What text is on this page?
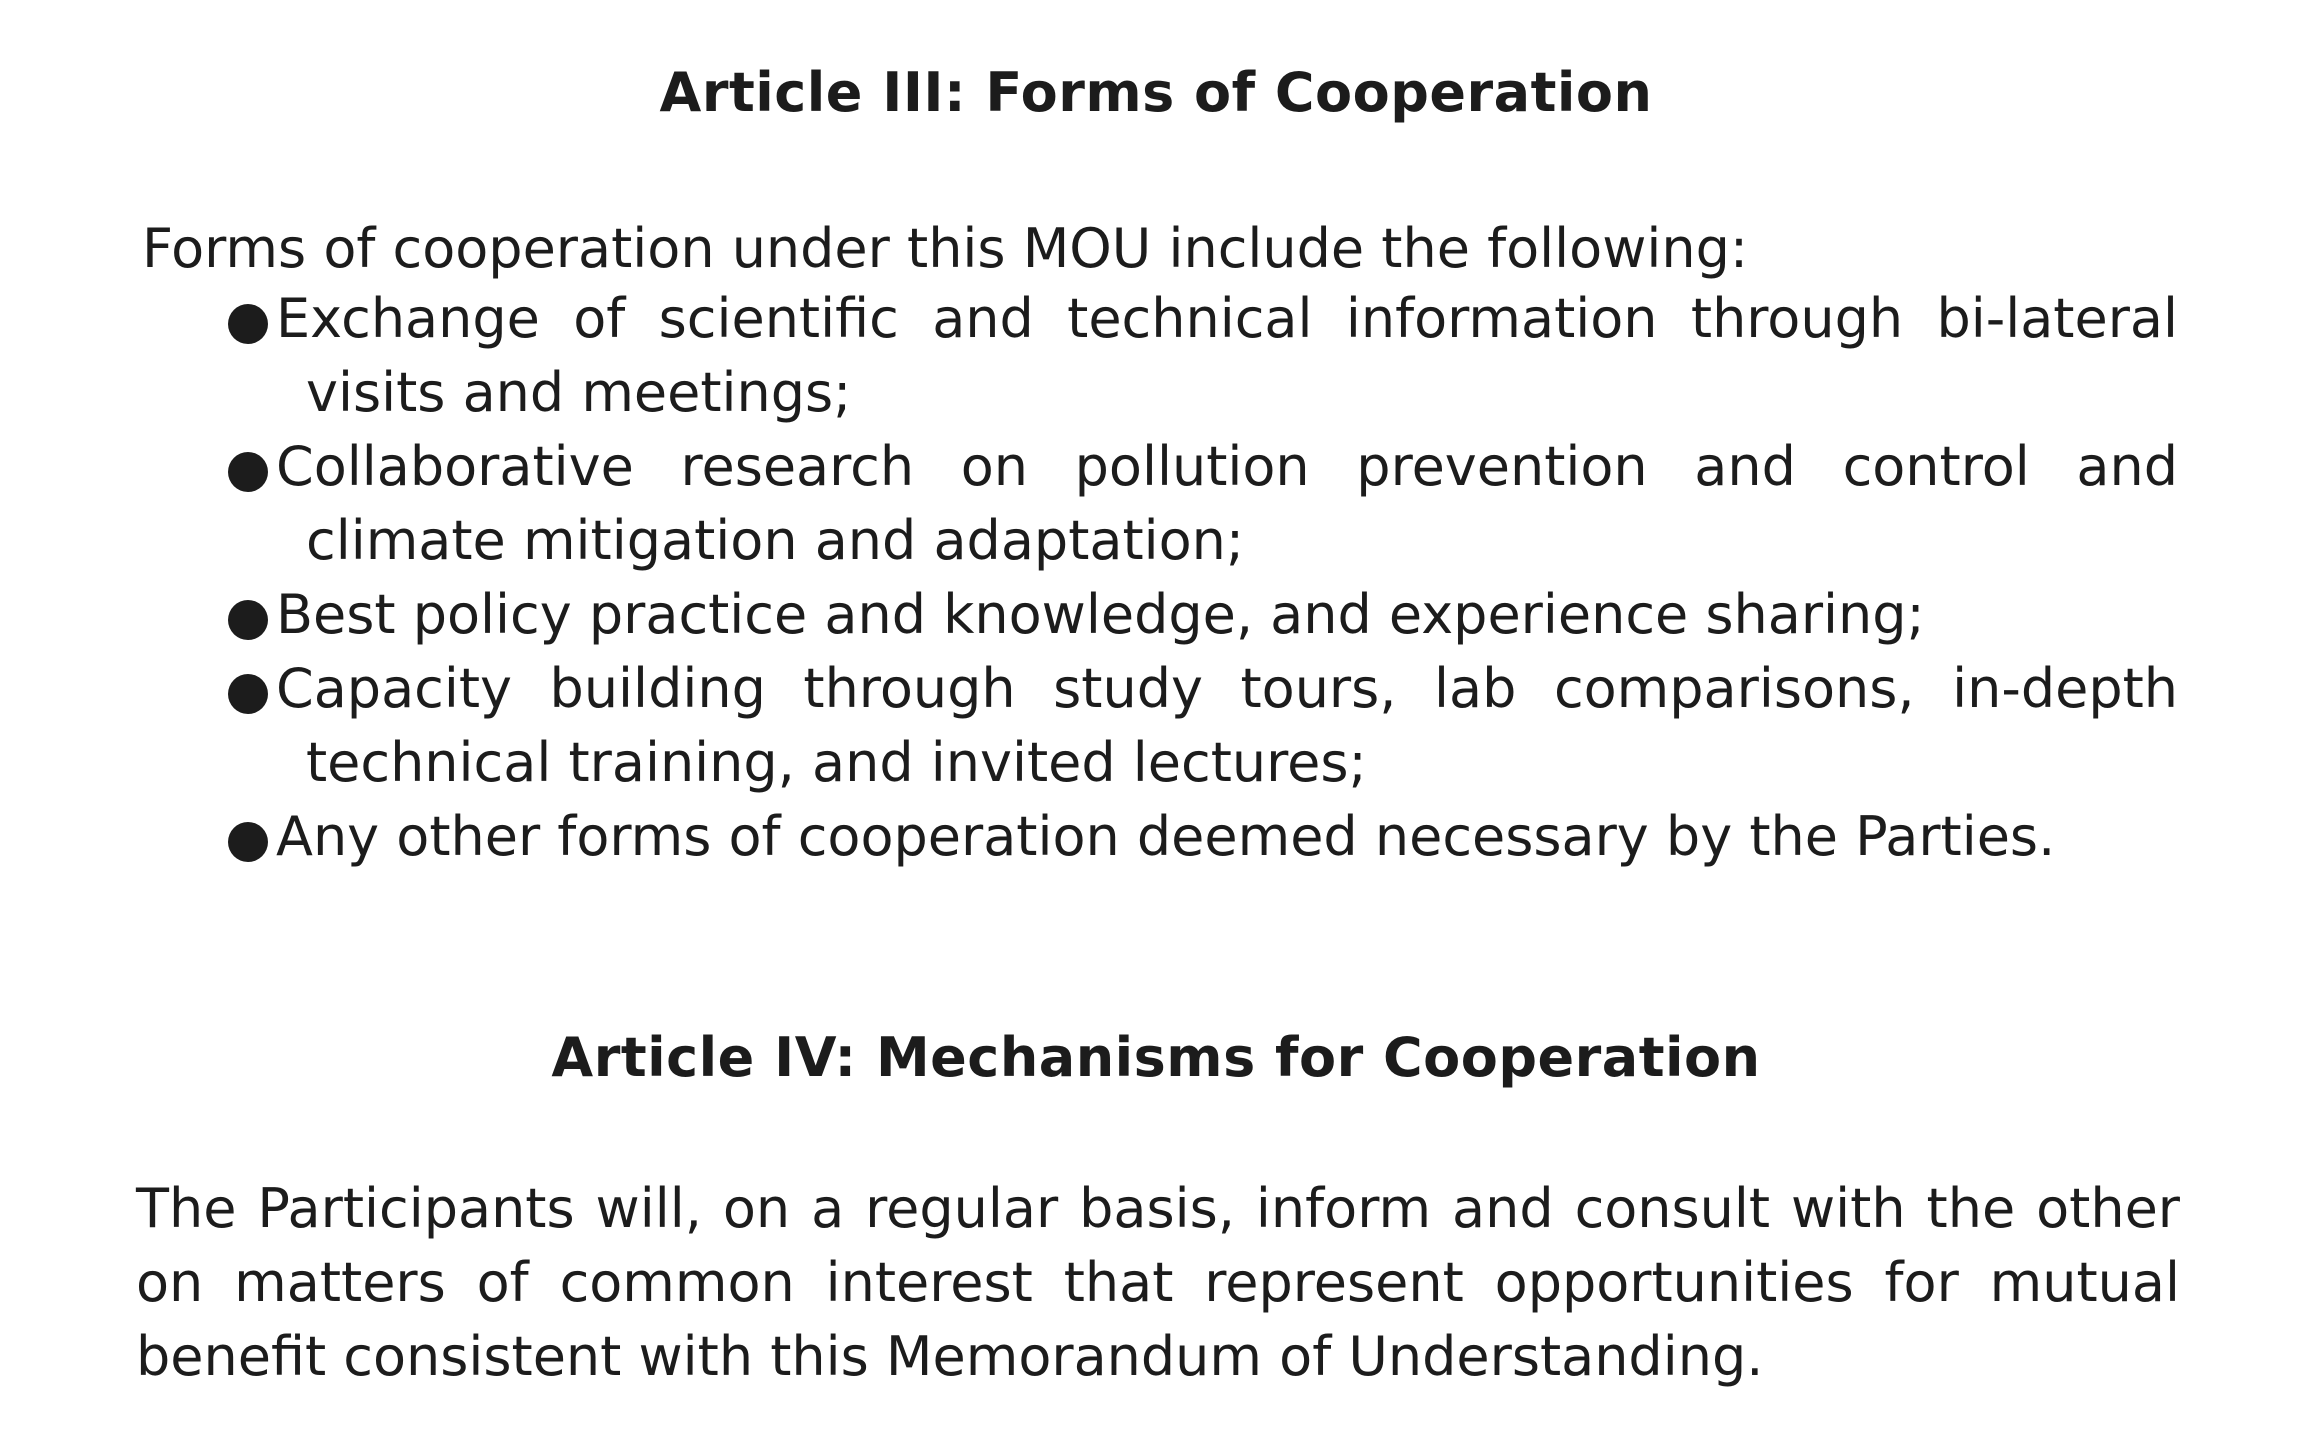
Article III: Forms of Cooperation

Forms of cooperation under this MOU include the following:

Exchange of scientific and technical information through bi-lateral
visits and meetings;
Collaborative research on pollution prevention and control and
climate mitigation and adaptation;
Best policy practice and knowledge, and experience sharing;
Capacity building through study tours, lab comparisons, in-depth
technical training, and invited lectures;
Any other forms of cooperation deemed necessary by the Parties.
Article IV: Mechanisms for Cooperation

The Participants will, on a regular basis, inform and consult with the other
on matters of common interest that represent opportunities for mutual
benefit consistent with this Memorandum of Understanding.
